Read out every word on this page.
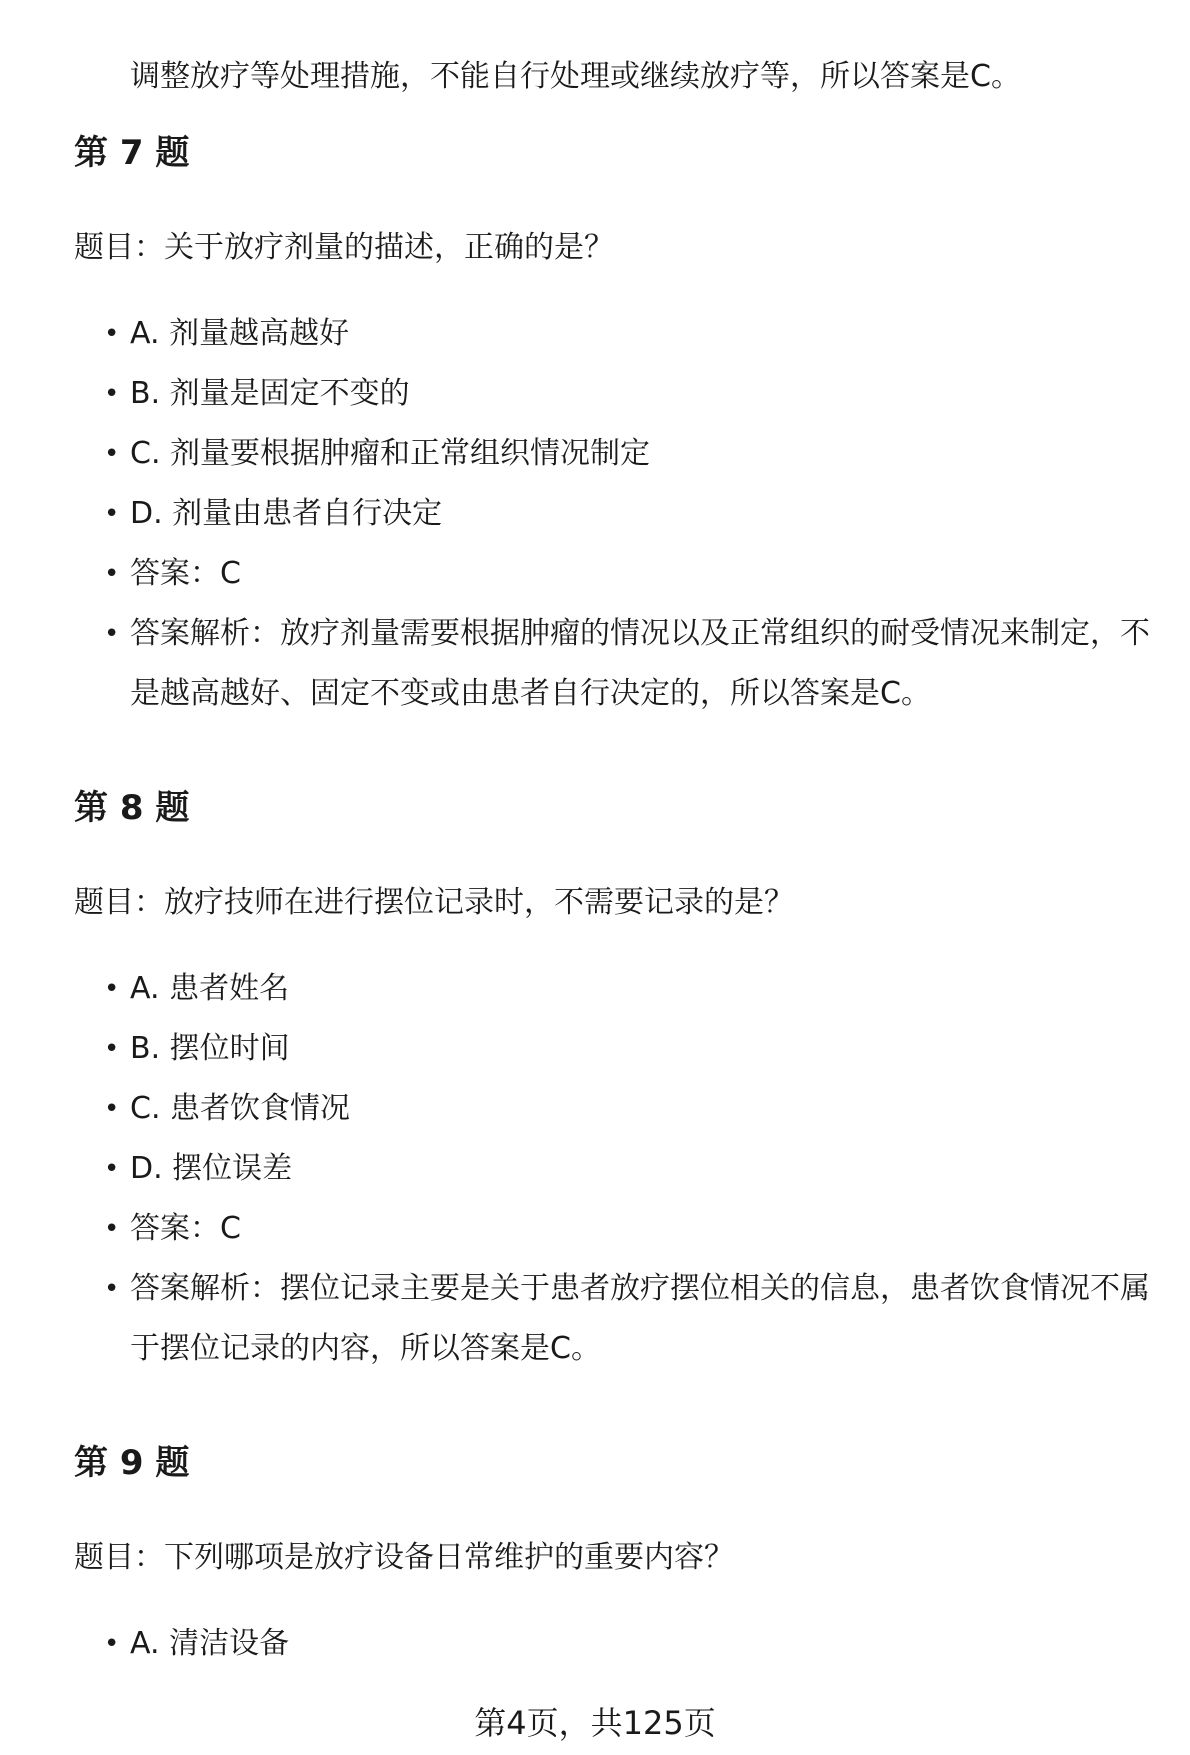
调整放疗等处理措施，不能自行处理或继续放疗等，所以答案是C。

第 7 题

题目：关于放疗剂量的描述，正确的是？

• A. 剂量越高越好
• B. 剂量是固定不变的
• C. 剂量要根据肿瘤和正常组织情况制定
• D. 剂量由患者自行决定
• 答案：C
• 答案解析：放疗剂量需要根据肿瘤的情况以及正常组织的耐受情况来制定，不是越高越好、固定不变或由患者自行决定的，所以答案是C。
第 8 题

题目：放疗技师在进行摆位记录时，不需要记录的是？

• A. 患者姓名
• B. 摆位时间
• C. 患者饮食情况
• D. 摆位误差
• 答案：C
• 答案解析：摆位记录主要是关于患者放疗摆位相关的信息，患者饮食情况不属于摆位记录的内容，所以答案是C。
第 9 题

题目：下列哪项是放疗设备日常维护的重要内容？

• A. 清洁设备

第4页，共125页
